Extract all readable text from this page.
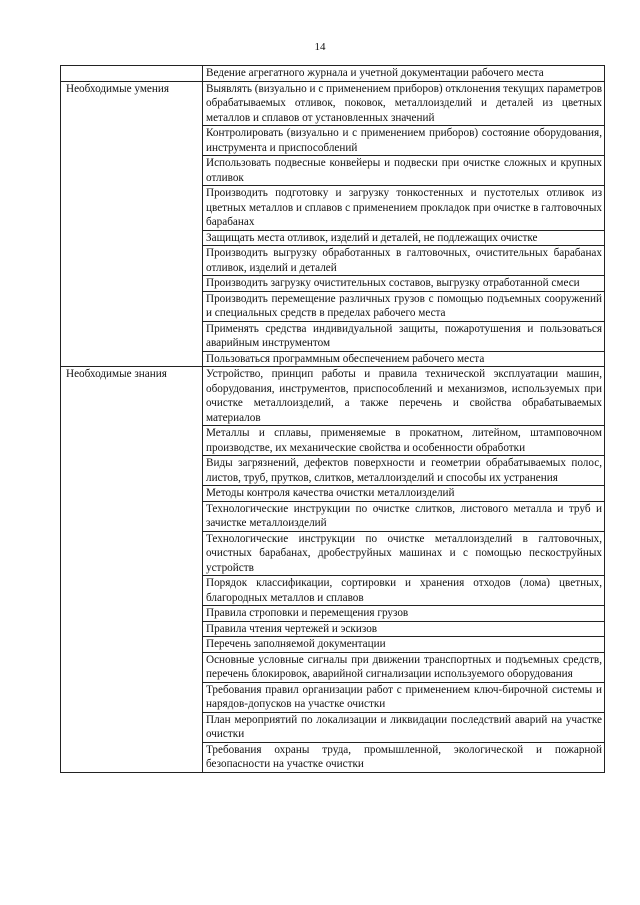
14
	Ведение агрегатного журнала и учетной документации рабочего места
Необходимые умения	Выявлять (визуально и с применением приборов) отклонения текущих параметров обрабатываемых отливок, поковок, металлоизделий и деталей из цветных металлов и сплавов от установленных значений
	Контролировать (визуально и с применением приборов) состояние оборудования, инструмента и приспособлений
	Использовать подвесные конвейеры и подвески при очистке сложных и крупных отливок
	Производить подготовку и загрузку тонкостенных и пустотелых отливок из цветных металлов и сплавов с применением прокладок при очистке в галтовочных барабанах
	Защищать места отливок, изделий и деталей, не подлежащих очистке
	Производить выгрузку обработанных в галтовочных, очистительных барабанах отливок, изделий и деталей
	Производить загрузку очистительных составов, выгрузку отработанной смеси
	Производить перемещение различных грузов с помощью подъемных сооружений и специальных средств в пределах рабочего места
	Применять средства индивидуальной защиты, пожаротушения и пользоваться аварийным инструментом
	Пользоваться программным обеспечением рабочего места
Необходимые знания	Устройство, принцип работы и правила технической эксплуатации машин, оборудования, инструментов, приспособлений и механизмов, используемых при очистке металлоизделий, а также перечень и свойства обрабатываемых материалов
	Металлы и сплавы, применяемые в прокатном, литейном, штамповочном производстве, их механические свойства и особенности обработки
	Виды загрязнений, дефектов поверхности и геометрии обрабатываемых полос, листов, труб, прутков, слитков, металлоизделий и способы их устранения
	Методы контроля качества очистки металлоизделий
	Технологические инструкции по очистке слитков, листового металла и труб и зачистке металлоизделий
	Технологические инструкции по очистке металлоизделий в галтовочных, очистных барабанах, дробеструйных машинах и с помощью пескоструйных устройств
	Порядок классификации, сортировки и хранения отходов (лома) цветных, благородных металлов и сплавов
	Правила строповки и перемещения грузов
	Правила чтения чертежей и эскизов
	Перечень заполняемой документации
	Основные условные сигналы при движении транспортных и подъемных средств, перечень блокировок, аварийной сигнализации используемого оборудования
	Требования правил организации работ с применением ключ-бирочной системы и нарядов-допусков на участке очистки
	План мероприятий по локализации и ликвидации последствий аварий на участке очистки
	Требования охраны труда, промышленной, экологической и пожарной безопасности на участке очистки
